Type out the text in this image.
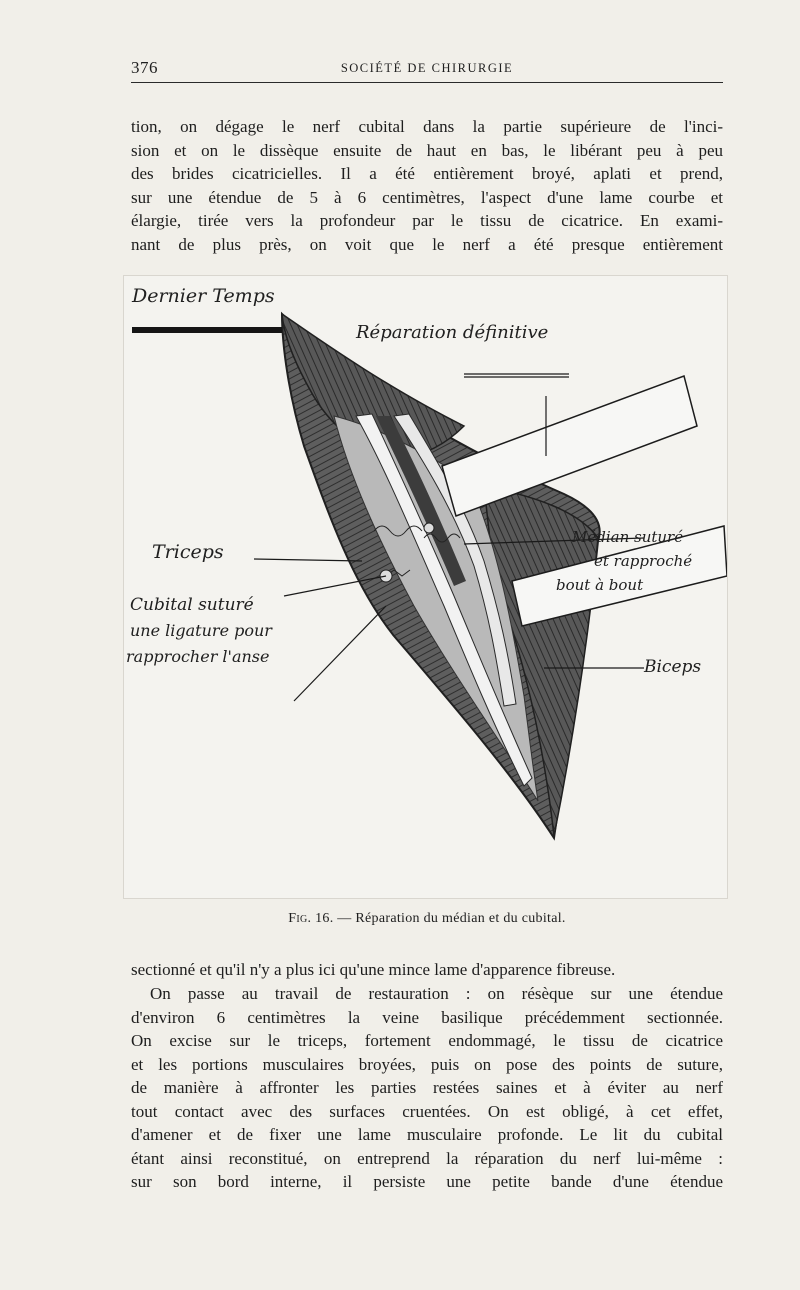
376	SOCIÉTÉ DE CHIRURGIE
tion, on dégage le nerf cubital dans la partie supérieure de l'inci-
sion et on le dissèque ensuite de haut en bas, le libérant peu à peu
des brides cicatricielles. Il a été entièrement broyé, aplati et prend,
sur une étendue de 5 à 6 centimètres, l'aspect d'une lame courbe et
élargie, tirée vers la profondeur par le tissu de cicatrice. En exami-
nant de plus près, on voit que le nerf a été presque entièrement
Dernier Temps
Réparation définitive
Triceps
Cubital suturé
une ligature pour
rapprocher l'anse
Médian suturé
et rapproché
bout à bout
Biceps
Fig. 16. — Réparation du médian et du cubital.
sectionné et qu'il n'y a plus ici qu'une mince lame d'apparence fibreuse.
On passe au travail de restauration : on résèque sur une étendue
d'environ 6 centimètres la veine basilique précédemment sectionnée.
On excise sur le triceps, fortement endommagé, le tissu de cicatrice
et les portions musculaires broyées, puis on pose des points de suture,
de manière à affronter les parties restées saines et à éviter au nerf
tout contact avec des surfaces cruentées. On est obligé, à cet effet,
d'amener et de fixer une lame musculaire profonde. Le lit du cubital
étant ainsi reconstitué, on entreprend la réparation du nerf lui-même :
sur son bord interne, il persiste une petite bande d'une étendue
